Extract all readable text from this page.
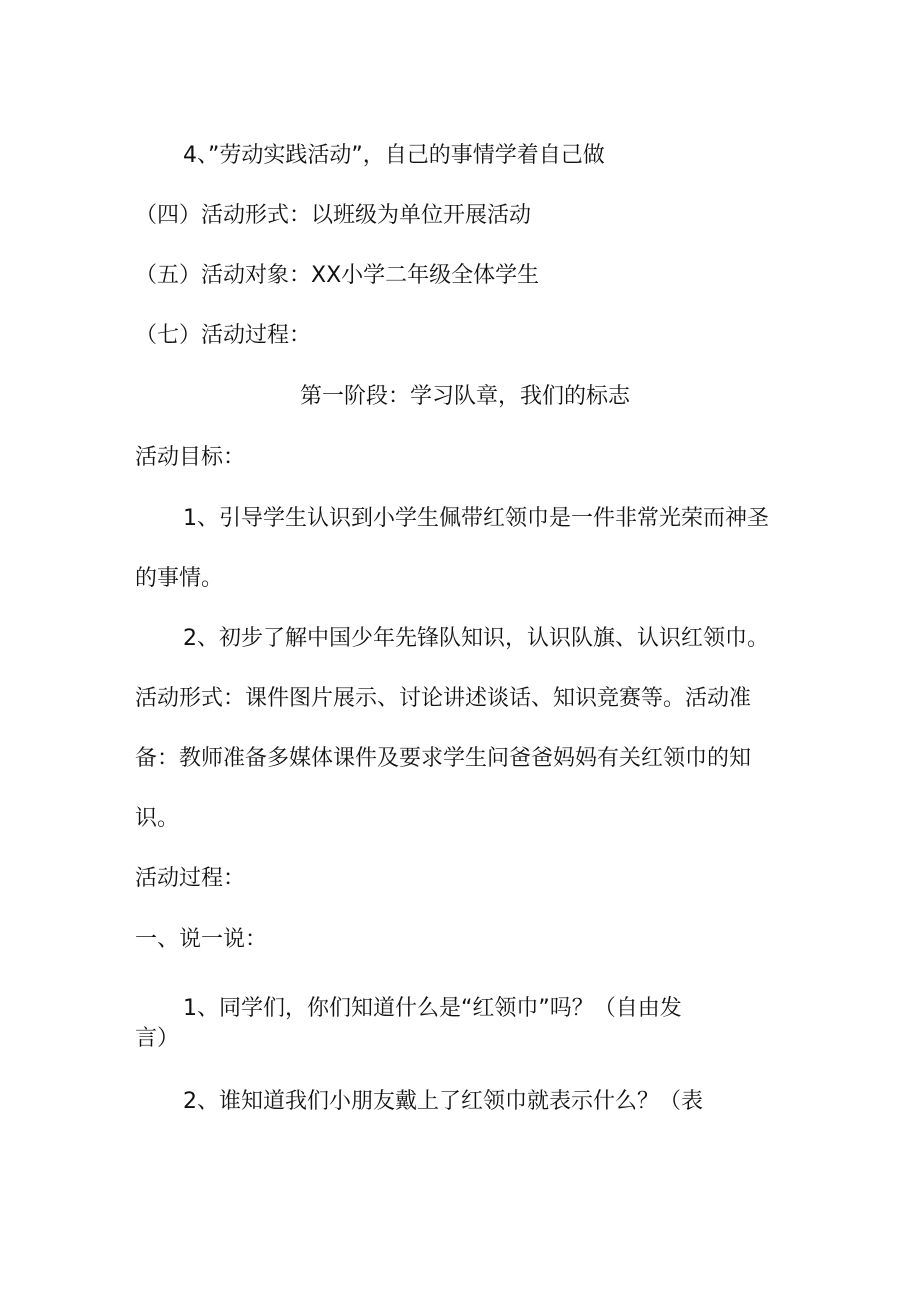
4、”劳动实践活动”，自己的事情学着自己做
（四）活动形式：以班级为单位开展活动
（五）活动对象：XX小学二年级全体学生
（七）活动过程：
第一阶段：学习队章，我们的标志
活动目标：
1、引导学生认识到小学生佩带红领巾是一件非常光荣而神圣
的事情。
2、初步了解中国少年先锋队知识，认识队旗、认识红领巾。
活动形式：课件图片展示、讨论讲述谈话、知识竞赛等。活动准
备：教师准备多媒体课件及要求学生问爸爸妈妈有关红领巾的知
识。
活动过程：
一、说一说：
1、同学们，你们知道什么是“红领巾”吗？（自由发
言）
2、谁知道我们小朋友戴上了红领巾就表示什么？（表
